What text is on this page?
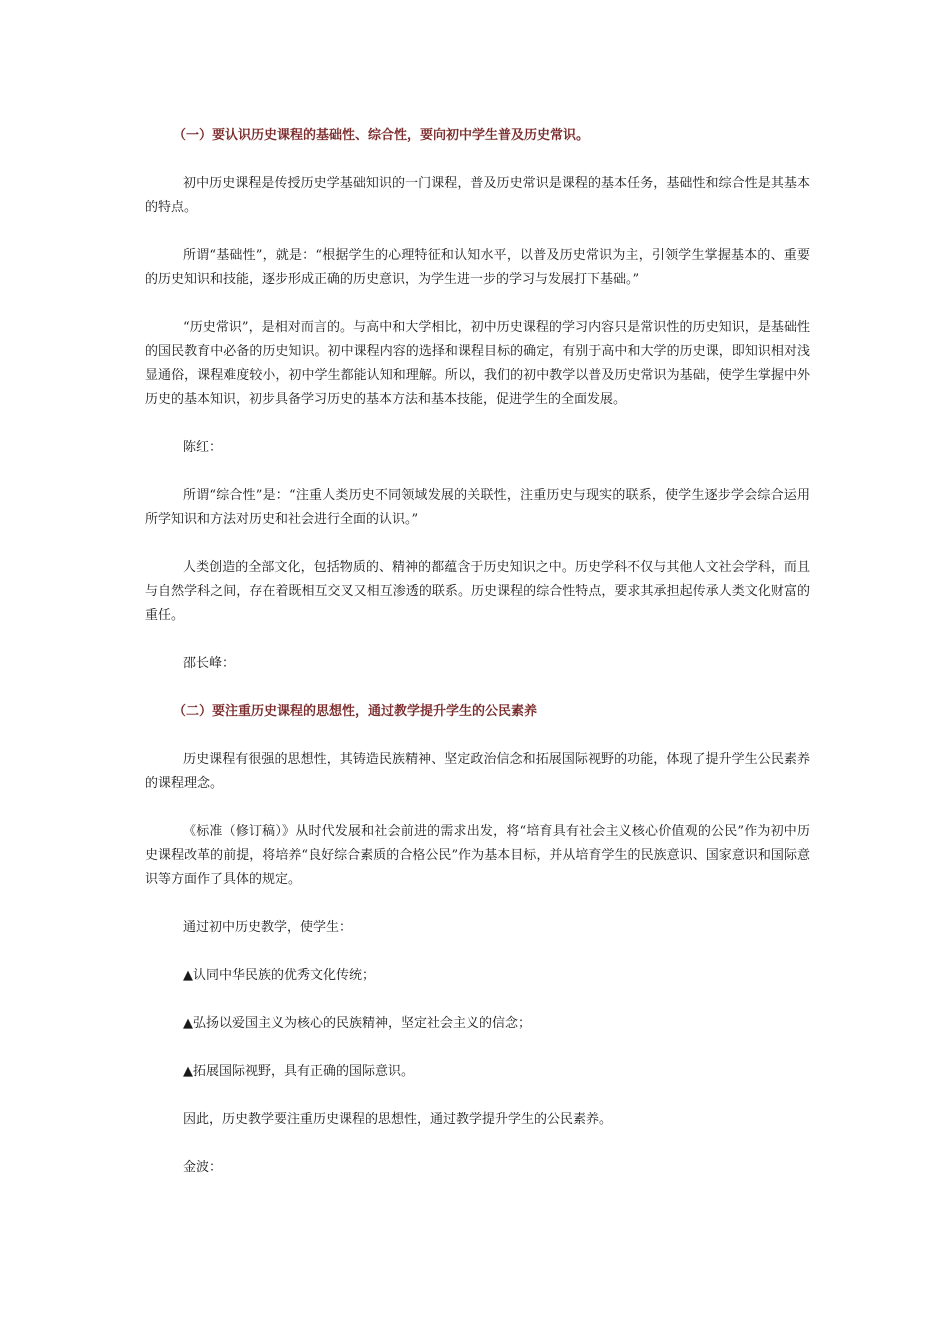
（一）要认识历史课程的基础性、综合性，要向初中学生普及历史常识。

初中历史课程是传授历史学基础知识的一门课程，普及历史常识是课程的基本任务，基础性和综合性是其基本的特点。

所谓“基础性”，就是：“根据学生的心理特征和认知水平，以普及历史常识为主，引领学生掌握基本的、重要的历史知识和技能，逐步形成正确的历史意识，为学生进一步的学习与发展打下基础。”

“历史常识”，是相对而言的。与高中和大学相比，初中历史课程的学习内容只是常识性的历史知识，是基础性的国民教育中必备的历史知识。初中课程内容的选择和课程目标的确定，有别于高中和大学的历史课，即知识相对浅显通俗，课程难度较小，初中学生都能认知和理解。所以，我们的初中教学以普及历史常识为基础，使学生掌握中外历史的基本知识，初步具备学习历史的基本方法和基本技能，促进学生的全面发展。

陈红：

所谓“综合性”是：“注重人类历史不同领域发展的关联性，注重历史与现实的联系，使学生逐步学会综合运用所学知识和方法对历史和社会进行全面的认识。”

人类创造的全部文化，包括物质的、精神的都蕴含于历史知识之中。历史学科不仅与其他人文社会学科，而且与自然学科之间，存在着既相互交叉又相互渗透的联系。历史课程的综合性特点，要求其承担起传承人类文化财富的重任。

邵长峰：

（二）要注重历史课程的思想性，通过教学提升学生的公民素养

历史课程有很强的思想性，其铸造民族精神、坚定政治信念和拓展国际视野的功能，体现了提升学生公民素养的课程理念。

《标准（修订稿）》从时代发展和社会前进的需求出发，将“培育具有社会主义核心价值观的公民”作为初中历史课程改革的前提，将培养“良好综合素质的合格公民”作为基本目标，并从培育学生的民族意识、国家意识和国际意识等方面作了具体的规定。

通过初中历史教学，使学生：

▲认同中华民族的优秀文化传统；

▲弘扬以爱国主义为核心的民族精神，坚定社会主义的信念；

▲拓展国际视野，具有正确的国际意识。

因此，历史教学要注重历史课程的思想性，通过教学提升学生的公民素养。

金波：
